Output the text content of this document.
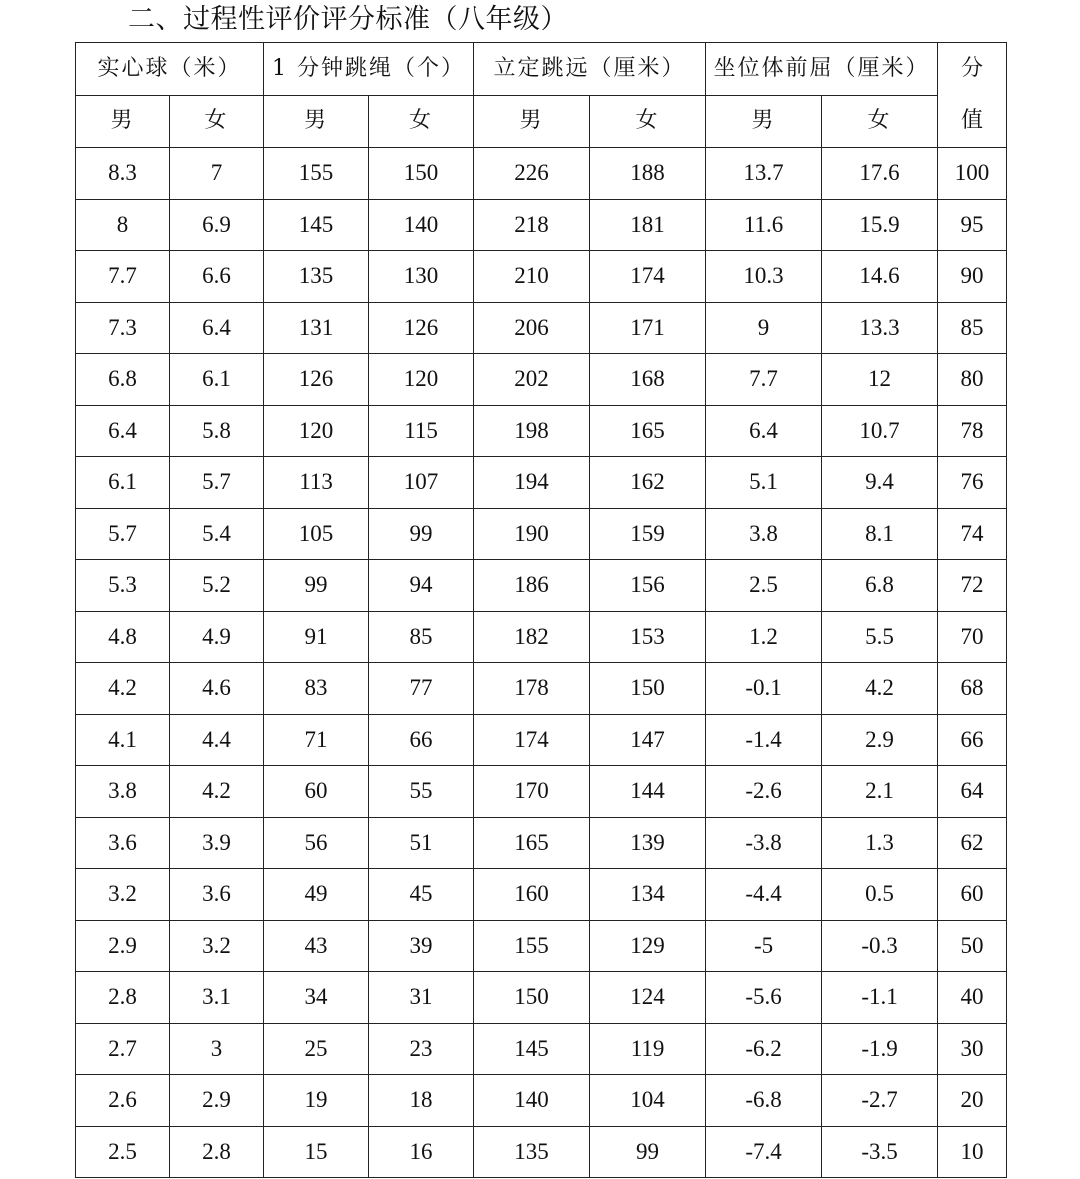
二、过程性评价评分标准（八年级）
实心球（米）		1 分钟跳绳（个）		立定跳远（厘米）		坐位体前屈（厘米）		分
值

男	女	男	女	男	女	男	女	
8.3	7	155	150	226	188	13.7	17.6	100
8	6.9	145	140	218	181	11.6	15.9	95
7.7	6.6	135	130	210	174	10.3	14.6	90
7.3	6.4	131	126	206	171	9	13.3	85
6.8	6.1	126	120	202	168	7.7	12	80
6.4	5.8	120	115	198	165	6.4	10.7	78
6.1	5.7	113	107	194	162	5.1	9.4	76
5.7	5.4	105	99	190	159	3.8	8.1	74
5.3	5.2	99	94	186	156	2.5	6.8	72
4.8	4.9	91	85	182	153	1.2	5.5	70
4.2	4.6	83	77	178	150	-0.1	4.2	68
4.1	4.4	71	66	174	147	-1.4	2.9	66
3.8	4.2	60	55	170	144	-2.6	2.1	64
3.6	3.9	56	51	165	139	-3.8	1.3	62
3.2	3.6	49	45	160	134	-4.4	0.5	60
2.9	3.2	43	39	155	129	-5	-0.3	50
2.8	3.1	34	31	150	124	-5.6	-1.1	40
2.7	3	25	23	145	119	-6.2	-1.9	30
2.6	2.9	19	18	140	104	-6.8	-2.7	20
2.5	2.8	15	16	135	99	-7.4	-3.5	10
